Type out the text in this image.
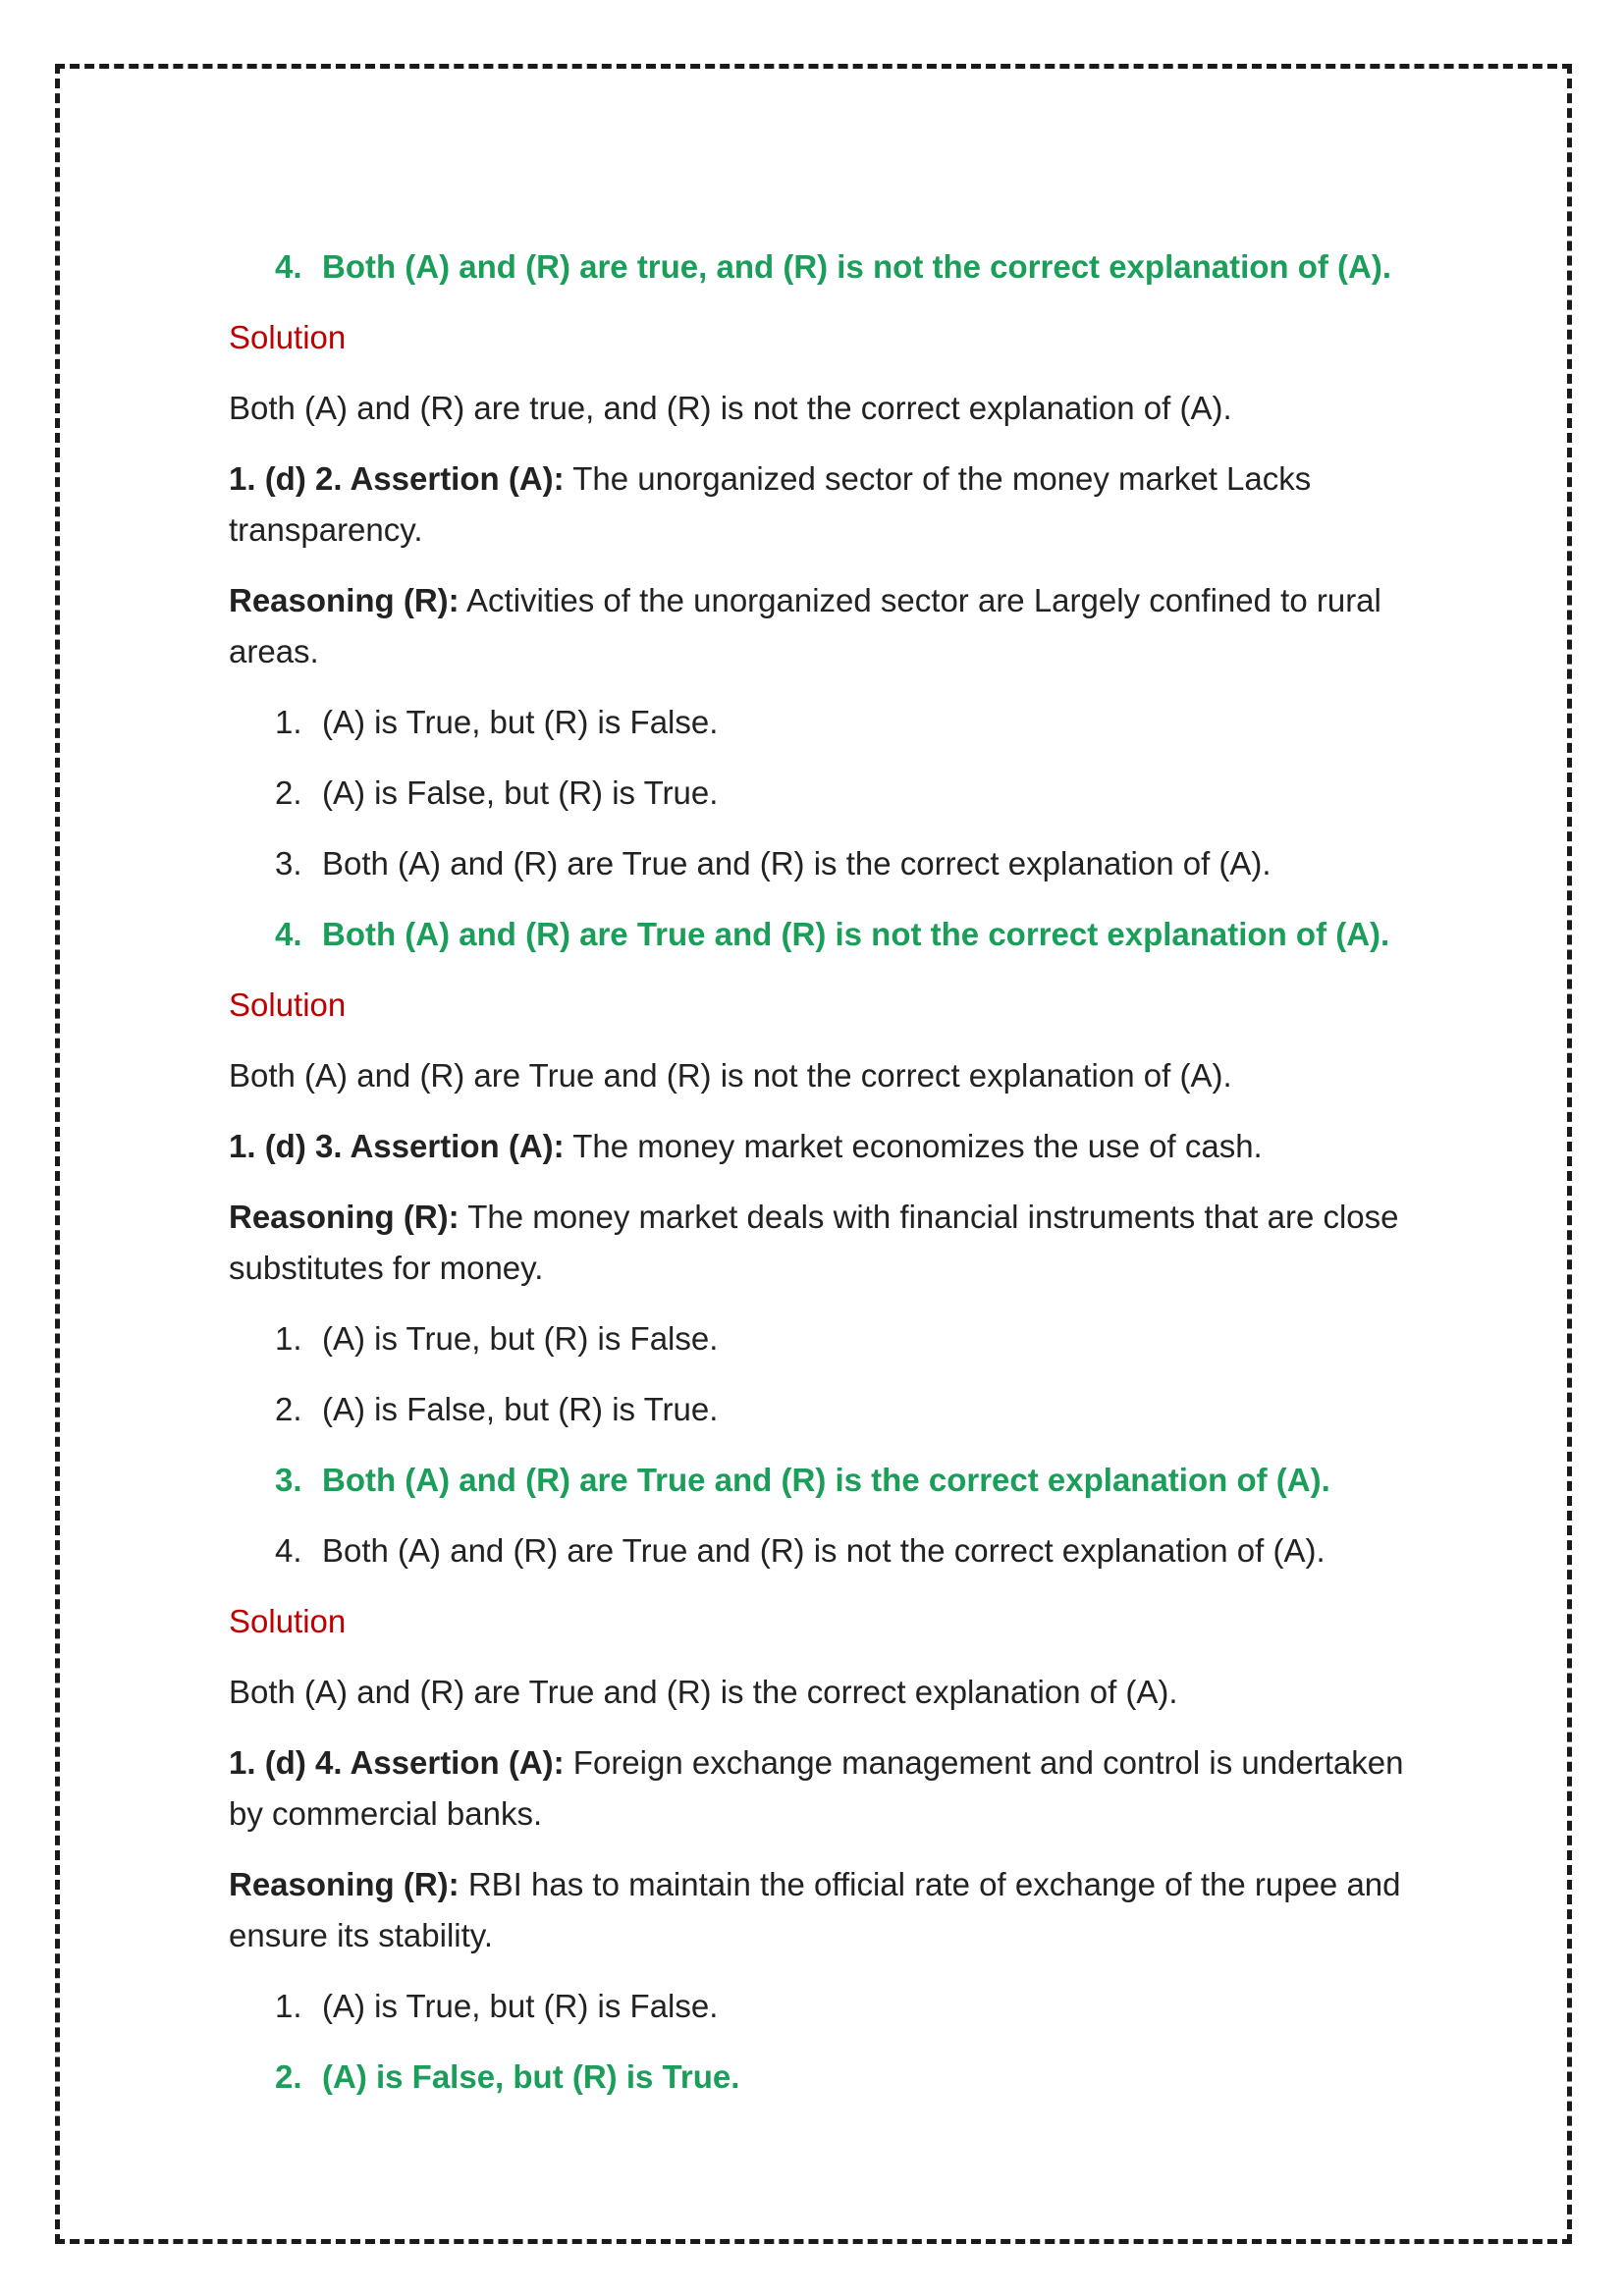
4. Both (A) and (R) are true, and (R) is not the correct explanation of (A).
Solution
Both (A) and (R) are true, and (R) is not the correct explanation of (A).
1. (d) 2. Assertion (A): The unorganized sector of the money market Lacks transparency.
Reasoning (R): Activities of the unorganized sector are Largely confined to rural areas.
1. (A) is True, but (R) is False.
2. (A) is False, but (R) is True.
3. Both (A) and (R) are True and (R) is the correct explanation of (A).
4. Both (A) and (R) are True and (R) is not the correct explanation of (A).
Solution
Both (A) and (R) are True and (R) is not the correct explanation of (A).
1. (d) 3. Assertion (A): The money market economizes the use of cash.
Reasoning (R): The money market deals with financial instruments that are close substitutes for money.
1. (A) is True, but (R) is False.
2. (A) is False, but (R) is True.
3. Both (A) and (R) are True and (R) is the correct explanation of (A).
4. Both (A) and (R) are True and (R) is not the correct explanation of (A).
Solution
Both (A) and (R) are True and (R) is the correct explanation of (A).
1. (d) 4. Assertion (A): Foreign exchange management and control is undertaken by commercial banks.
Reasoning (R): RBI has to maintain the official rate of exchange of the rupee and ensure its stability.
1. (A) is True, but (R) is False.
2. (A) is False, but (R) is True.
